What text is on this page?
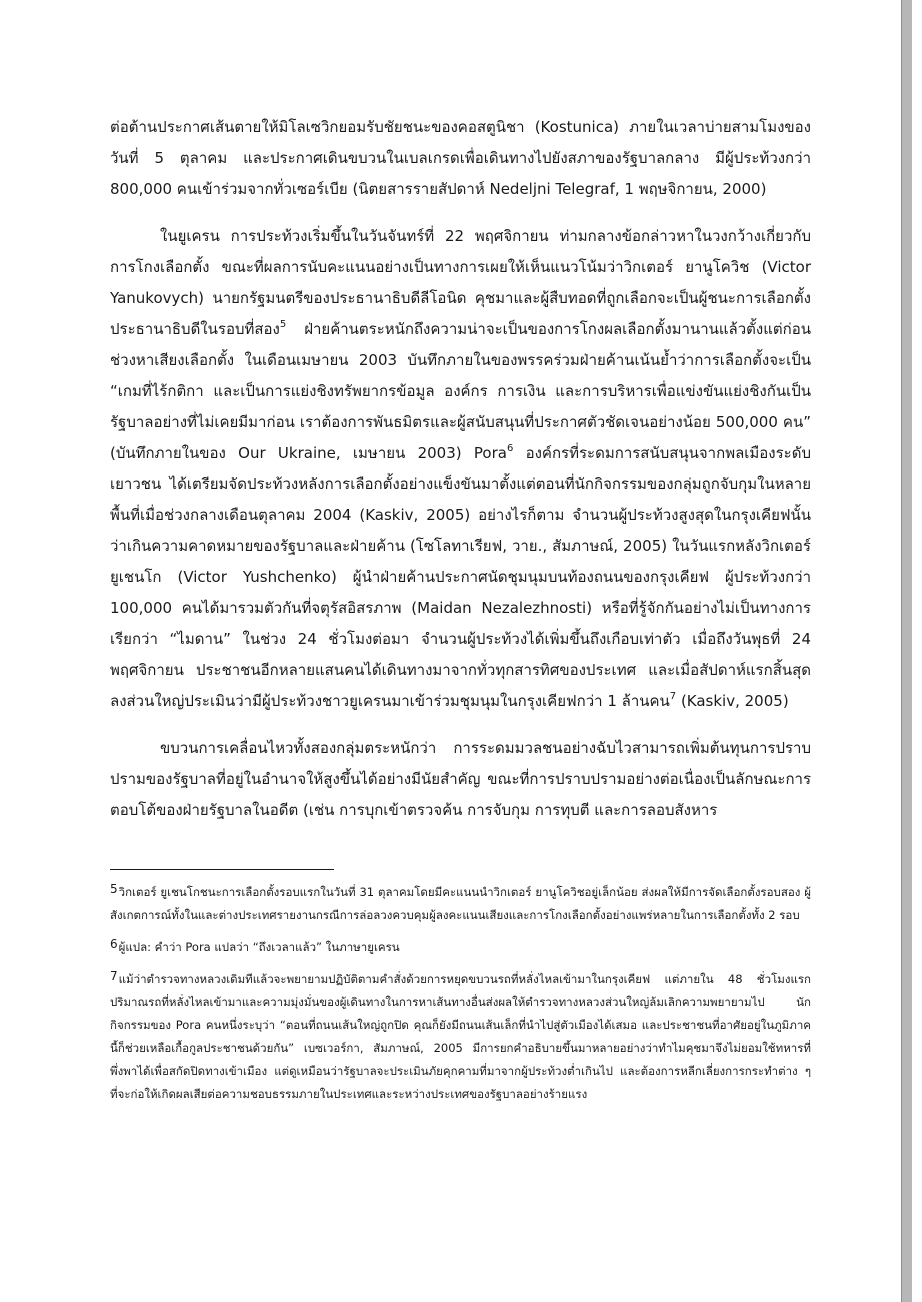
ต่อต้านประกาศเส้นตายให้มิโลเซวิกยอมรับชัยชนะของคอสตูนิชา (Kostunica) ภายในเวลาบ่ายสามโมงของวันที่ 5 ตุลาคม และประกาศเดินขบวนในเบลเกรดเพื่อเดินทางไปยังสภาของรัฐบาลกลาง มีผู้ประท้วงกว่า 800,000 คนเข้าร่วมจากทั่วเซอร์เบีย (นิตยสารรายสัปดาห์ Nedeljni Telegraf, 1 พฤษจิกายน, 2000)

ในยูเครน การประท้วงเริ่มขึ้นในวันจันทร์ที่ 22 พฤศจิกายน ท่ามกลางข้อกล่าวหาในวงกว้างเกี่ยวกับการโกงเลือกตั้ง ขณะที่ผลการนับคะแนนอย่างเป็นทางการเผยให้เห็นแนวโน้มว่าวิกเตอร์ ยานูโควิช (Victor Yanukovych) นายกรัฐมนตรีของประธานาธิบดีลีโอนิด คุชมาและผู้สืบทอดที่ถูกเลือกจะเป็นผู้ชนะการเลือกตั้งประธานาธิบดีในรอบที่สอง$^5$ ฝ่ายค้านตระหนักถึงความน่าจะเป็นของการโกงผลเลือกตั้งมานานแล้วตั้งแต่ก่อนช่วงหาเสียงเลือกตั้ง ในเดือนเมษายน 2003 บันทึกภายในของพรรคร่วมฝ่ายค้านเน้นย้ำว่าการเลือกตั้งจะเป็น “เกมที่ไร้กติกา และเป็นการแย่งชิงทรัพยากรข้อมูล องค์กร การเงิน และการบริหารเพื่อแข่งขันแย่งชิงกันเป็นรัฐบาลอย่างที่ไม่เคยมีมาก่อน เราต้องการพันธมิตรและผู้สนับสนุนที่ประกาศตัวชัดเจนอย่างน้อย 500,000 คน” (บันทึกภายในของ Our Ukraine, เมษายน 2003) Pora$^6$ องค์กรที่ระดมการสนับสนุนจากพลเมืองระดับเยาวชน ได้เตรียมจัดประท้วงหลังการเลือกตั้งอย่างแข็งขันมาตั้งแต่ตอนที่นักกิจกรรมของกลุ่มถูกจับกุมในหลายพื้นที่เมื่อช่วงกลางเดือนตุลาคม 2004 (Kaskiv, 2005) อย่างไรก็ตาม จำนวนผู้ประท้วงสูงสุดในกรุงเคียฟนั้นว่าเกินความคาดหมายของรัฐบาลและฝ่ายค้าน (โซโลทาเรียฟ, วาย., สัมภาษณ์, 2005) ในวันแรกหลังวิกเตอร์ ยูเชนโก (Victor Yushchenko) ผู้นำฝ่ายค้านประกาศนัดชุมนุมบนท้องถนนของกรุงเคียฟ ผู้ประท้วงกว่า 100,000 คนได้มารวมตัวกันที่จตุรัสอิสรภาพ (Maidan Nezalezhnosti) หรือที่รู้จักกันอย่างไม่เป็นทางการเรียกว่า “ไมดาน” ในช่วง 24 ชั่วโมงต่อมา จำนวนผู้ประท้วงได้เพิ่มขึ้นถึงเกือบเท่าตัว เมื่อถึงวันพุธที่ 24 พฤศจิกายน ประชาชนอีกหลายแสนคนได้เดินทางมาจากทั่วทุกสารทิศของประเทศ และเมื่อสัปดาห์แรกสิ้นสุดลงส่วนใหญ่ประเมินว่ามีผู้ประท้วงชาวยูเครนมาเข้าร่วมชุมนุมในกรุงเคียฟกว่า 1 ล้านคน$^7$ (Kaskiv, 2005)

ขบวนการเคลื่อนไหวทั้งสองกลุ่มตระหนักว่า การระดมมวลชนอย่างฉับไวสามารถเพิ่มต้นทุนการปราบปรามของรัฐบาลที่อยู่ในอำนาจให้สูงขึ้นได้อย่างมีนัยสำคัญ ขณะที่การปราบปรามอย่างต่อเนื่องเป็นลักษณะการตอบโต้ของฝ่ายรัฐบาลในอดีต (เช่น การบุกเข้าตรวจค้น การจับกุม การทุบตี และการลอบสังหาร

5วิกเตอร์ ยูเชนโกชนะการเลือกตั้งรอบแรกในวันที่ 31 ตุลาคมโดยมีคะแนนนำวิกเตอร์ ยานูโควิชอยู่เล็กน้อย ส่งผลให้มีการจัดเลือกตั้งรอบสอง ผู้สังเกตการณ์ทั้งในและต่างประเทศรายงานกรณีการล่อลวงควบคุมผู้ลงคะแนนเสียงและการโกงเลือกตั้งอย่างแพร่หลายในการเลือกตั้งทั้ง 2 รอบ
6ผู้แปล: คำว่า Pora แปลว่า “ถึงเวลาแล้ว” ในภาษายูเครน
7แม้ว่าตำรวจทางหลวงเดิมทีแล้วจะพยายามปฏิบัติตามคำสั่งด้วยการหยุดขบวนรถที่หลั่งไหลเข้ามาในกรุงเคียฟ แต่ภายใน 48 ชั่วโมงแรกปริมาณรถที่หลั่งไหลเข้ามาและความมุ่งมั่นของผู้เดินทางในการหาเส้นทางอื่นส่งผลให้ตำรวจทางหลวงส่วนใหญ่ล้มเลิกความพยายามไป นักกิจกรรมของ Pora คนหนึ่งระบุว่า “ตอนที่ถนนเส้นใหญ่ถูกปิด คุณก็ยังมีถนนเส้นเล็กที่นำไปสู่ตัวเมืองได้เสมอ และประชาชนที่อาศัยอยู่ในภูมิภาคนี้ก็ช่วยเหลือเกื้อกูลประชาชนด้วยกัน” เบซเวอร์กา, สัมภาษณ์, 2005 มีการยกคำอธิบายขึ้นมาหลายอย่างว่าทำไมคุชมาจึงไม่ยอมใช้ทหารที่พึ่งพาได้เพื่อสกัดปิดทางเข้าเมือง แต่ดูเหมือนว่ารัฐบาลจะประเมินภัยคุกคามที่มาจากผู้ประท้วงต่ำเกินไป และต้องการหลีกเลี่ยงการกระทำต่าง ๆ ที่จะก่อให้เกิดผลเสียต่อความชอบธรรมภายในประเทศและระหว่างประเทศของรัฐบาลอย่างร้ายแรง
